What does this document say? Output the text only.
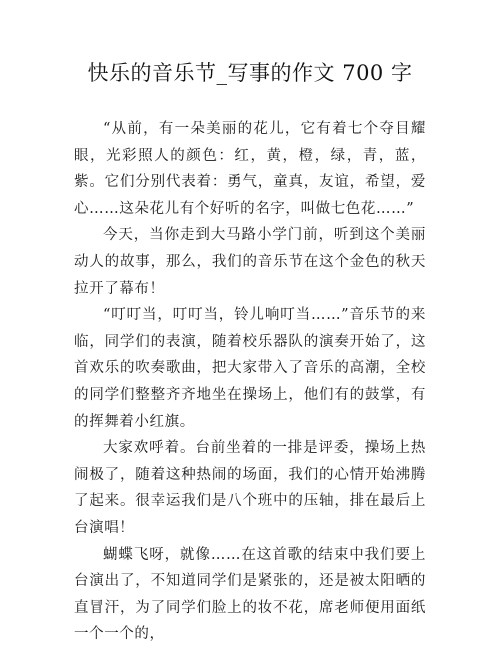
快乐的音乐节_写事的作文 700 字

“从前，有一朵美丽的花儿，它有着七个夺目耀眼，光彩照人的颜色：红，黄，橙，绿，青，蓝，紫。它们分别代表着：勇气，童真，友谊，希望，爱心……这朵花儿有个好听的名字，叫做七色花……”

今天，当你走到大马路小学门前，听到这个美丽动人的故事，那么，我们的音乐节在这个金色的秋天拉开了幕布！

“叮叮当，叮叮当，铃儿响叮当……”音乐节的来临，同学们的表演，随着校乐器队的演奏开始了，这首欢乐的吹奏歌曲，把大家带入了音乐的高潮，全校的同学们整整齐齐地坐在操场上，他们有的鼓掌，有的挥舞着小红旗。

大家欢呼着。台前坐着的一排是评委，操场上热闹极了，随着这种热闹的场面，我们的心情开始沸腾了起来。很幸运我们是八个班中的压轴，排在最后上台演唱！

蝴蝶飞呀，就像……在这首歌的结束中我们要上台演出了，不知道同学们是紧张的，还是被太阳晒的直冒汗，为了同学们脸上的妆不花，席老师便用面纸一个一个的，
